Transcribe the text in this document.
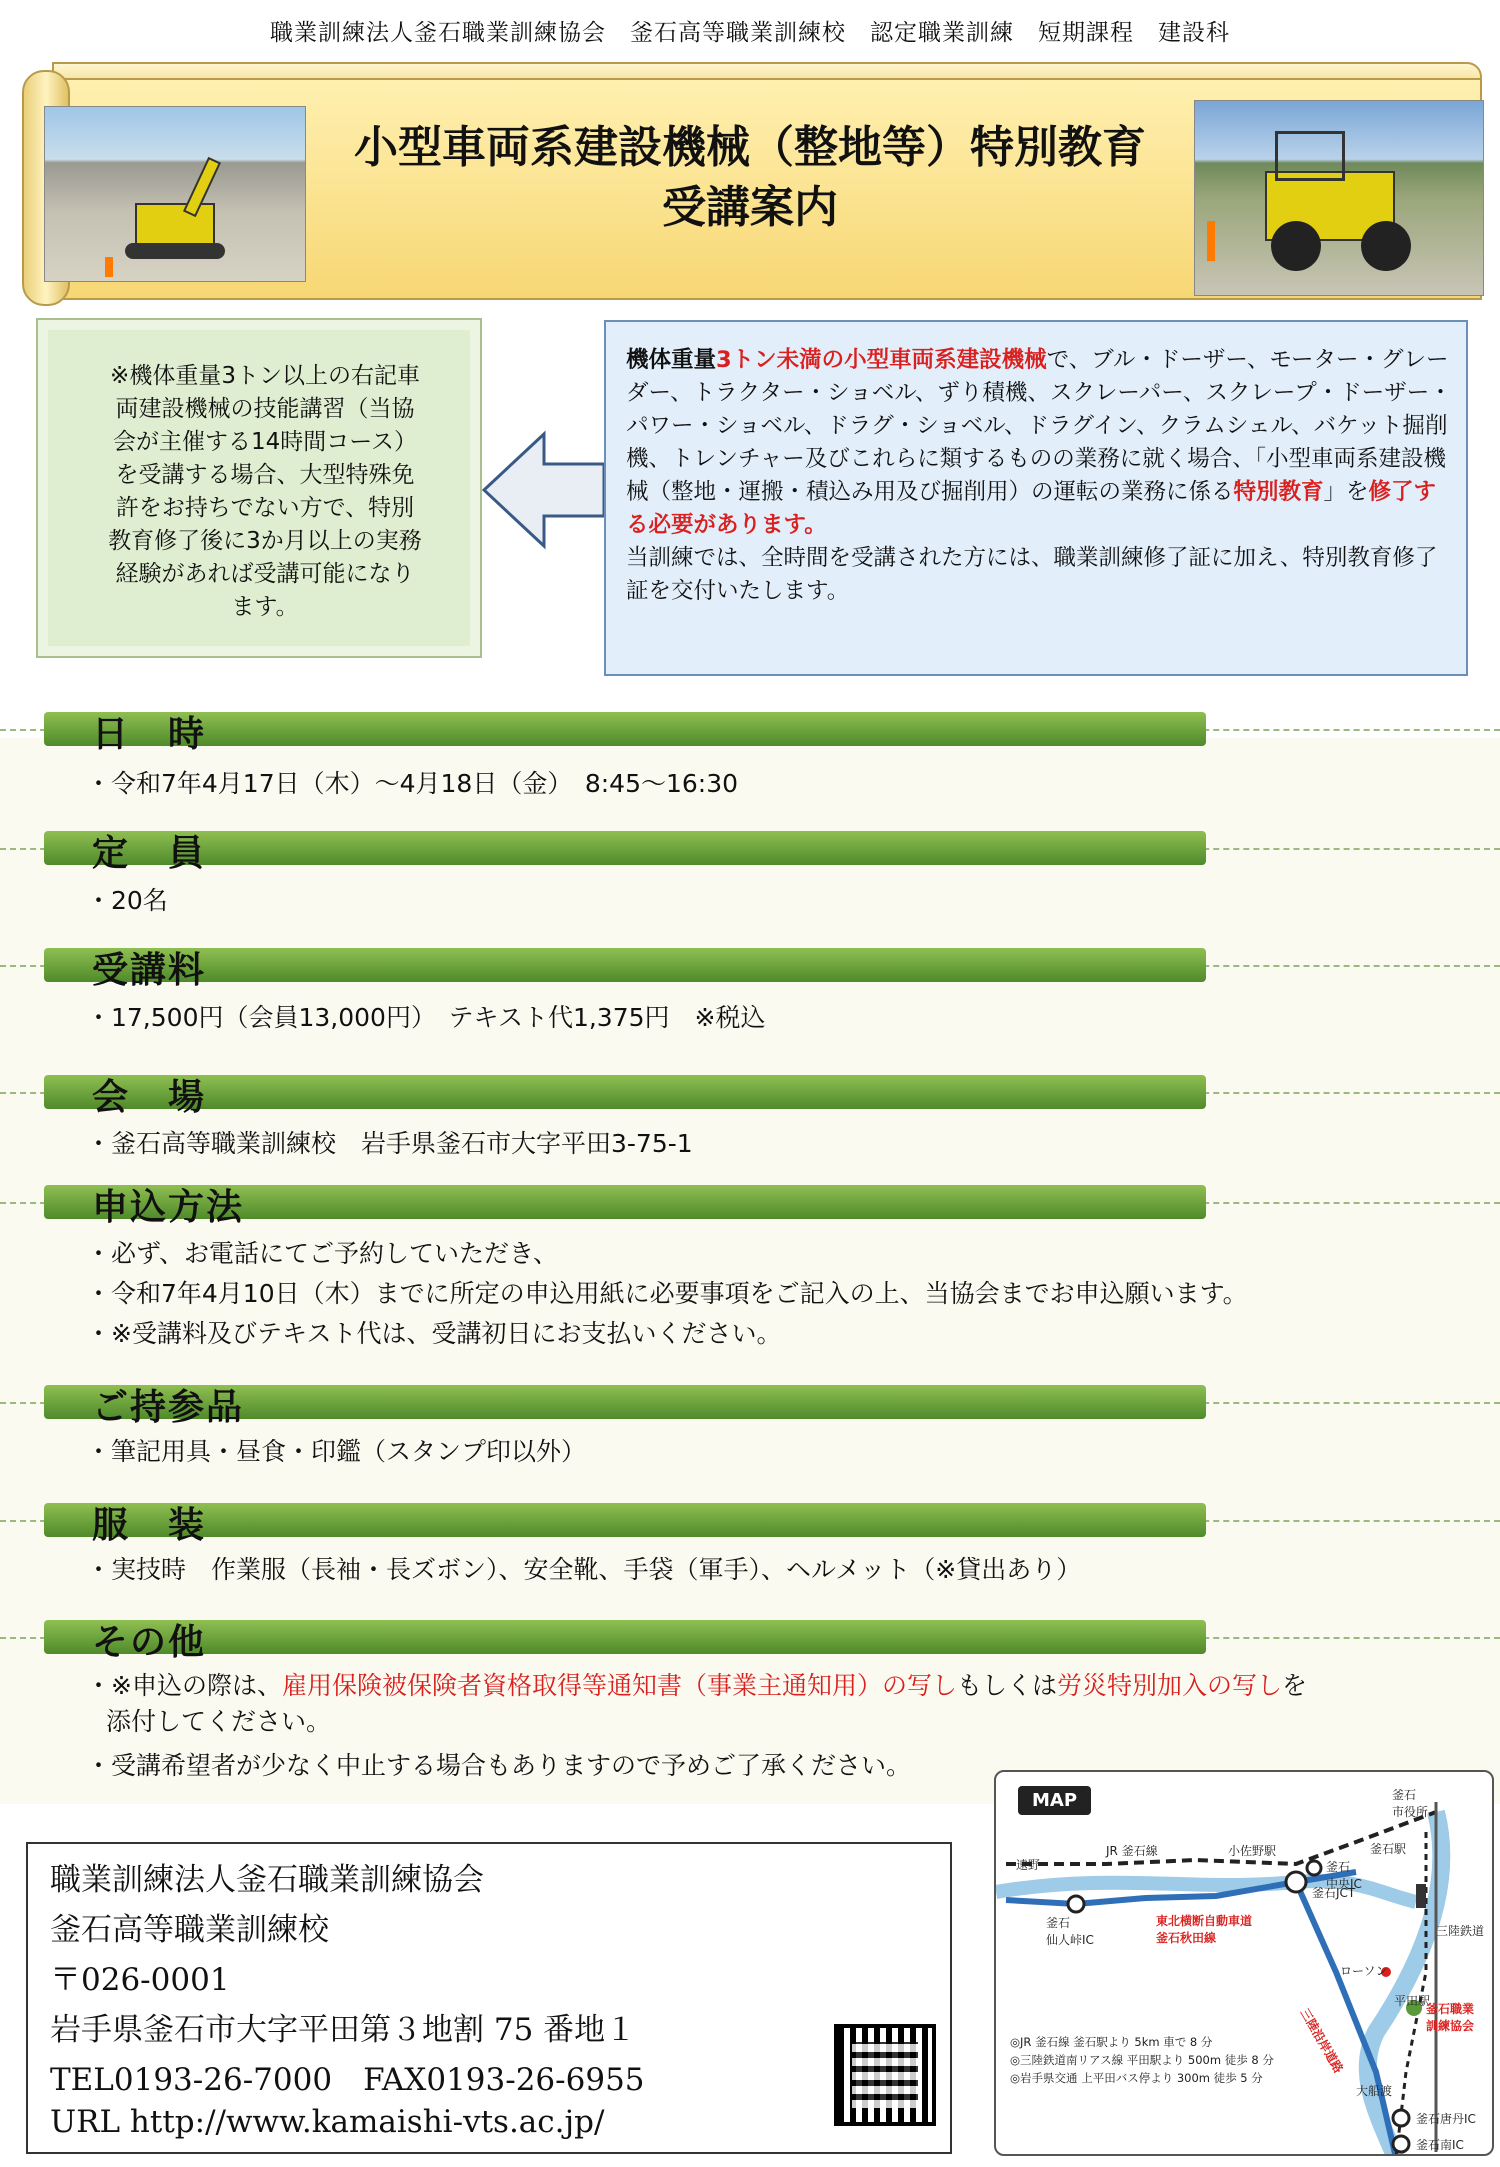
職業訓練法人釜石職業訓練協会　釜石高等職業訓練校　認定職業訓練　短期課程　建設科
小型車両系建設機械（整地等）特別教育
受講案内
※機体重量3トン以上の右記車
両建設機械の技能講習（当協
会が主催する14時間コース）
を受講する場合、大型特殊免
許をお持ちでない方で、特別
教育修了後に3か月以上の実務
経験があれば受講可能になり
ます。
機体重量3トン未満の小型車両系建設機械で、ブル・ドーザー、モーター・グレーダー、トラクター・ショベル、ずり積機、スクレーパー、スクレープ・ドーザー・パワー・ショベル、ドラグ・ショベル、ドラグイン、クラムシェル、バケット掘削機、トレンチャー及びこれらに類するものの業務に就く場合、「小型車両系建設機械（整地・運搬・積込み用及び掘削用）の運転の業務に係る特別教育」を修了する必要があります。
当訓練では、全時間を受講された方には、職業訓練修了証に加え、特別教育修了証を交付いたします。
日　時
・令和7年4月17日（木）〜4月18日（金）　8:45〜16:30
定　員
・20名
受講料
・17,500円（会員13,000円）　テキスト代1,375円　※税込
会　場
・釜石高等職業訓練校　岩手県釜石市大字平田3-75-1
申込方法
・必ず、お電話にてご予約していただき、
・令和7年4月10日（木）までに所定の申込用紙に必要事項をご記入の上、当協会までお申込願います。
・※受講料及びテキスト代は、受講初日にお支払いください。
ご持参品
・筆記用具・昼食・印鑑（スタンプ印以外）
服　装
・実技時　作業服（長袖・長ズボン）、安全靴、手袋（軍手）、ヘルメット（※貸出あり）
その他
・※申込の際は、雇用保険被保険者資格取得等通知書（事業主通知用）の写しもしくは労災特別加入の写しを
添付してください。
・受講希望者が少なく中止する場合もありますので予めご了承ください。
職業訓練法人釜石職業訓練協会
釜石高等職業訓練校
〒026-0001
岩手県釜石市大字平田第３地割 75 番地１
TEL0193-26-7000　FAX0193-26-6955
URL http://www.kamaishi-vts.ac.jp/
MAP
遠野
JR 釜石線	小佐野駅	釜石駅
釜石
市役所
釜石
中央IC
釜石
仙人峠IC
釜石JCT
東北横断自動車道
釜石秋田線	三陸鉄道
三陸沿岸道路
ローソン
平田駅
釜石職業
訓練協会
大船渡
釜石唐丹IC
釜石南IC
◎JR 釜石線 釜石駅より 5km 車で 8 分
◎三陸鉄道南リアス線 平田駅より 500m 徒歩 8 分
◎岩手県交通 上平田バス停より 300m 徒歩 5 分
